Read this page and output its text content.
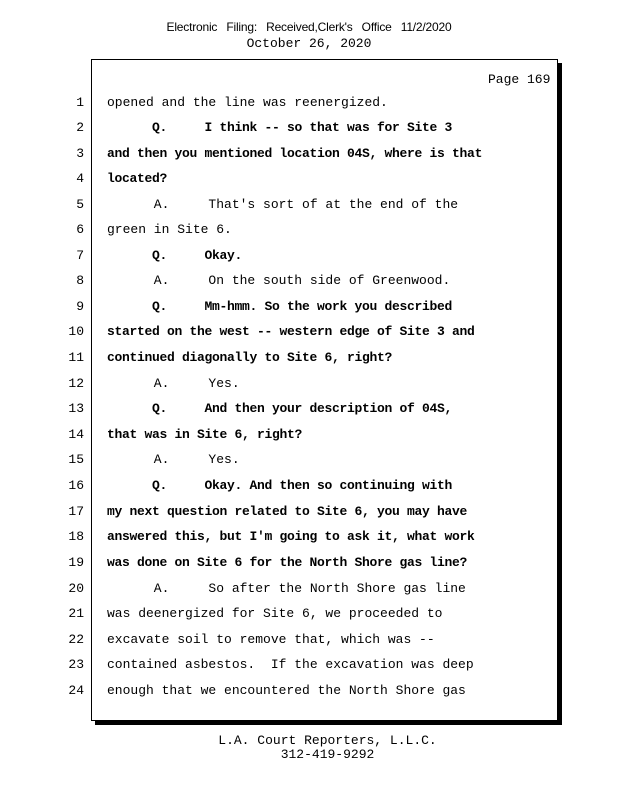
Electronic Filing: Received,Clerk's Office 11/2/2020
October 26, 2020
Page 169
1 opened and the line was reenergized.
2 Q.     I think -- so that was for Site 3
3 and then you mentioned location 04S, where is that
4 located?
5 A.     That's sort of at the end of the
6 green in Site 6.
7 Q.     Okay.
8 A.     On the south side of Greenwood.
9 Q.     Mm-hmm. So the work you described
10 started on the west -- western edge of Site 3 and
11 continued diagonally to Site 6, right?
12 A.     Yes.
13 Q.     And then your description of 04S,
14 that was in Site 6, right?
15 A.     Yes.
16 Q.     Okay. And then so continuing with
17 my next question related to Site 6, you may have
18 answered this, but I'm going to ask it, what work
19 was done on Site 6 for the North Shore gas line?
20 A.     So after the North Shore gas line
21 was deenergized for Site 6, we proceeded to
22 excavate soil to remove that, which was --
23 contained asbestos.  If the excavation was deep
24 enough that we encountered the North Shore gas
L.A. Court Reporters, L.L.C.
312-419-9292
